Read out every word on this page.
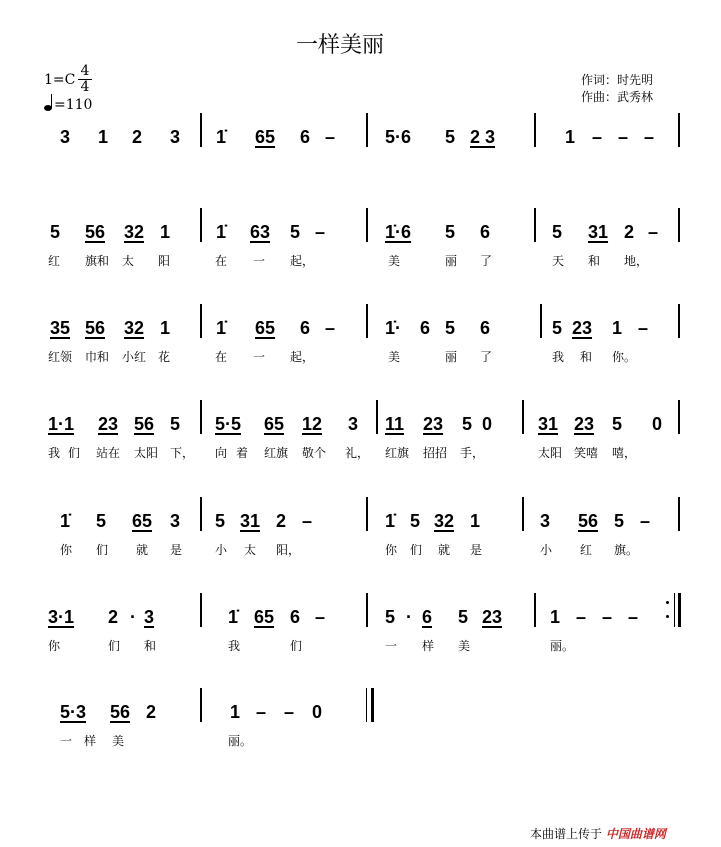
一样美丽
$1=C \frac{4}{4}$
=110
作词：时先明
作曲：武秀林
3 1 2 3 1̇ 65 6 –	5·6 5 2 3	1 – – –
5 56 32 1	1̇ 63 5 –	1̇·6 5 6	5 31 2 –
红 旗和 太 阳	在 一 起，	美	丽 了	天 和 地，
35 56 32 1	1̇ 65 6 –	1̇· 6 5 6	5 23 1 –
红领 巾和 小红 花	在 一 起，	美	丽 了	我 和 你。
1·1 23 56 5 5·5 65 12 3 11 23 5 0	31 23 5 0
我 们 站在 太阳 下， 向 着 红旗 敬个 礼， 红旗 招招 手，	太阳 笑嘻 嘻，
1̇ 5 65 3 5 31 2 –	1̇ 5 32 1	3 56 5 –
你 们 就 是	小 太 阳，	你 们 就 是	小 红 旗。
3·1 2 · 3	1̇ 65 6 –	5 · 6 5 23	1 – – –
你	们 和	我	们	一 样 美	丽。
5·3 56 2	1 – – 0
一 样 美	丽。
本曲谱上传于 中国曲谱网
